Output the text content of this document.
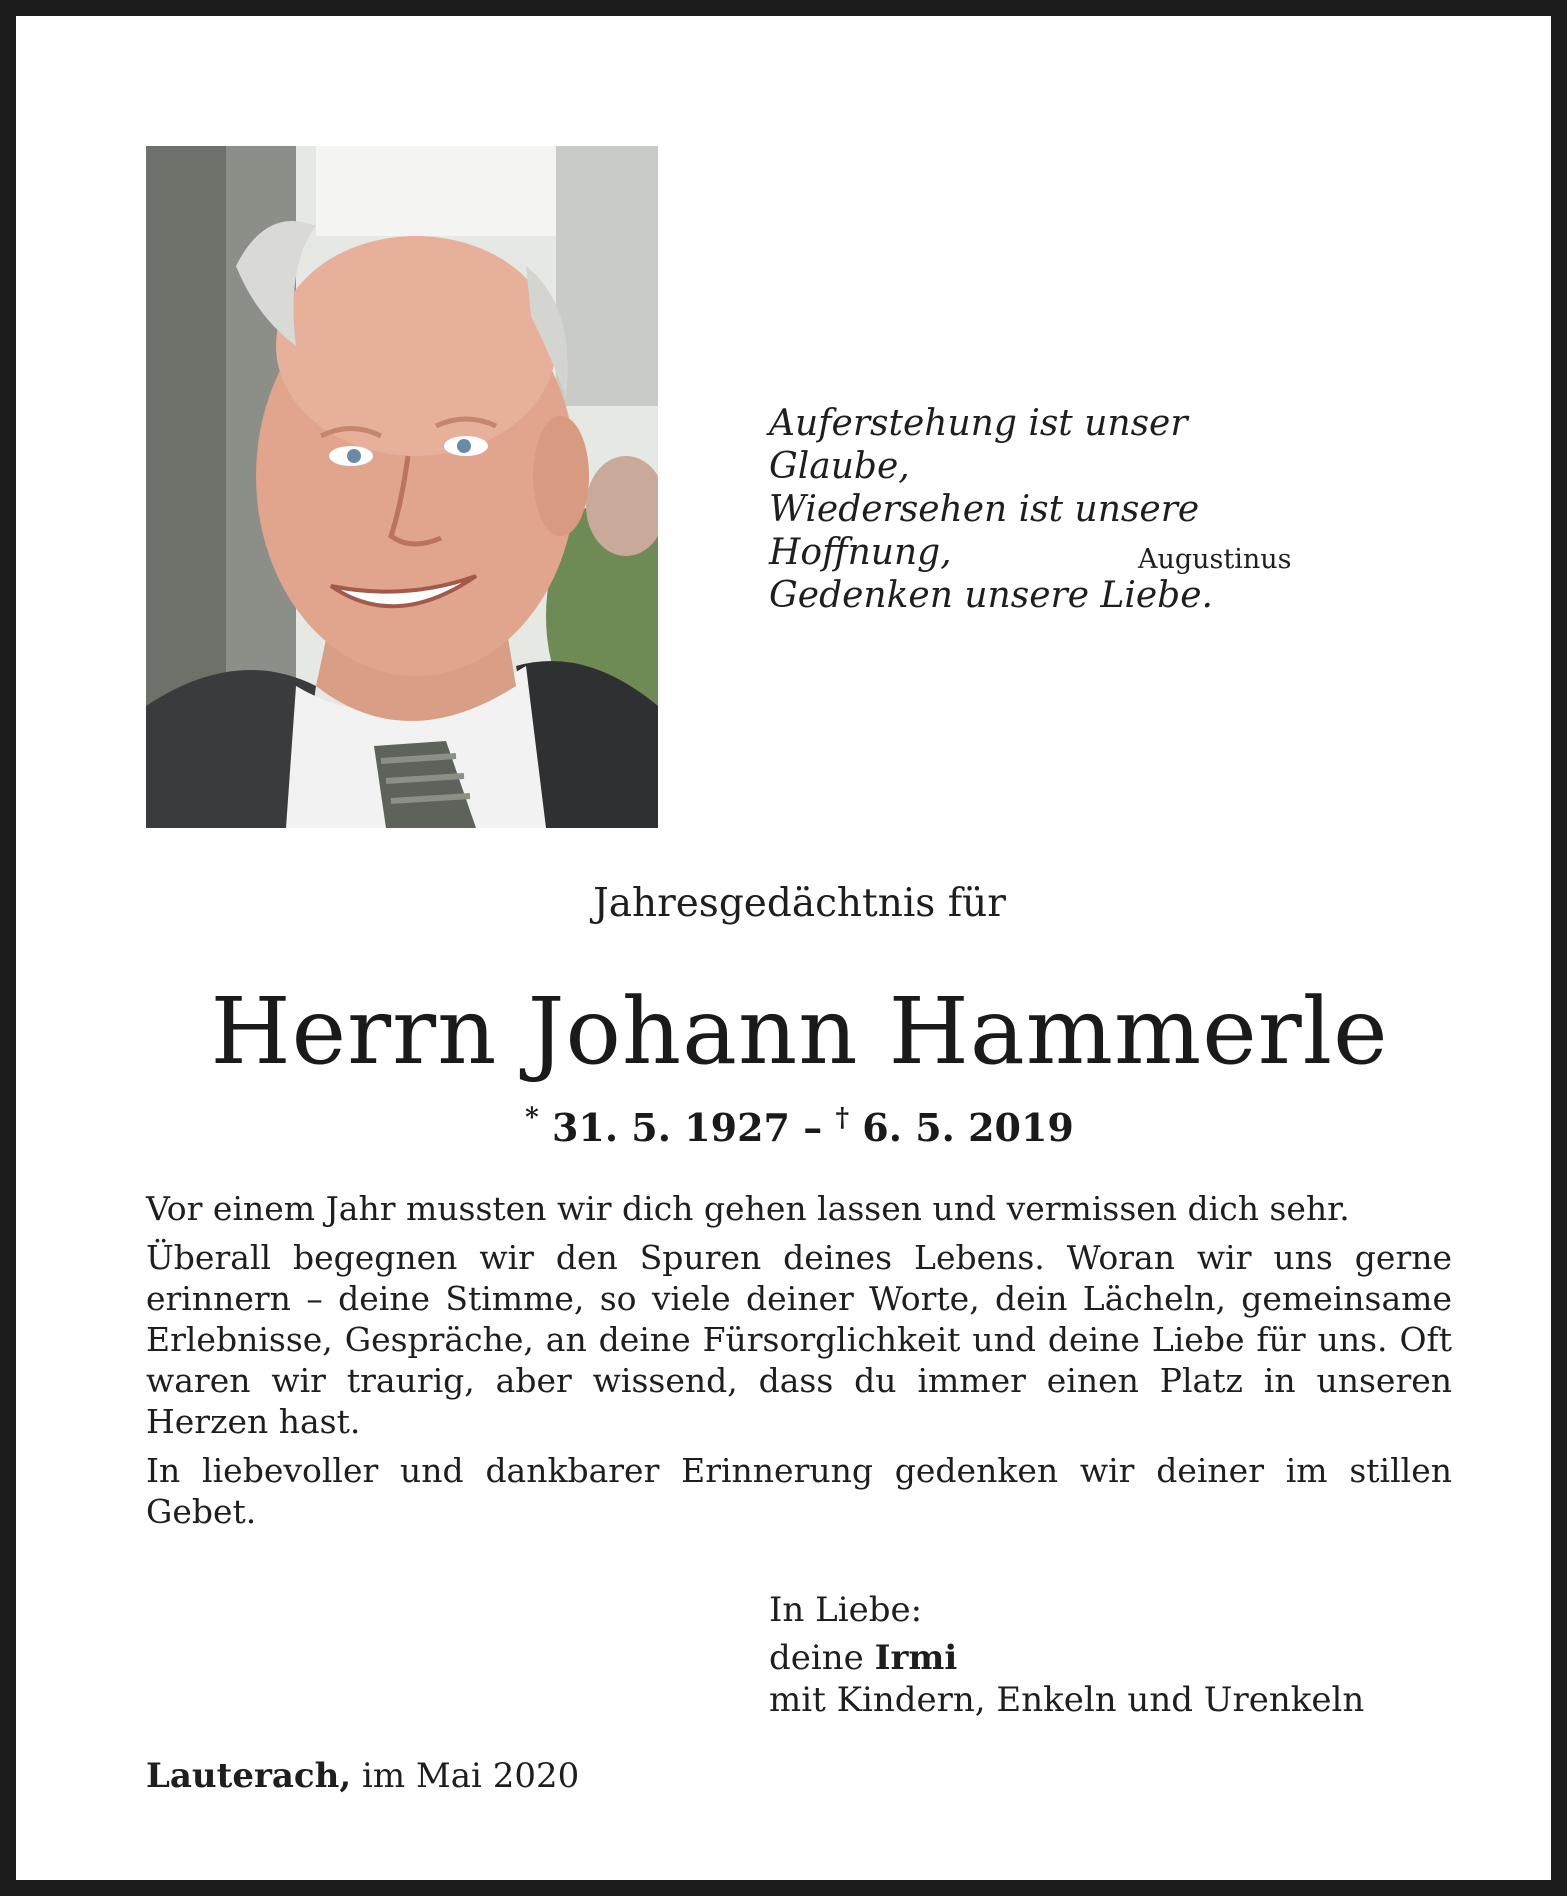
Auferstehung ist unser Glaube,
Wiedersehen ist unsere Hoffnung,
Gedenken unsere Liebe.
Augustinus
Jahresgedächtnis für
Herrn Johann Hammerle
* 31. 5. 1927 – † 6. 5. 2019

Vor einem Jahr mussten wir dich gehen lassen und vermissen dich sehr.

Überall begegnen wir den Spuren deines Lebens. Woran wir uns gerne erinnern – deine Stimme, so viele deiner Worte, dein Lächeln, gemeinsame Erlebnisse, Gespräche, an deine Fürsorglichkeit und deine Liebe für uns. Oft waren wir traurig, aber wissend, dass du immer einen Platz in unseren Herzen hast.

In liebevoller und dankbarer Erinnerung gedenken wir deiner im stillen Gebet.

In Liebe:
deine Irmi
mit Kindern, Enkeln und Urenkeln
Lauterach, im Mai 2020
